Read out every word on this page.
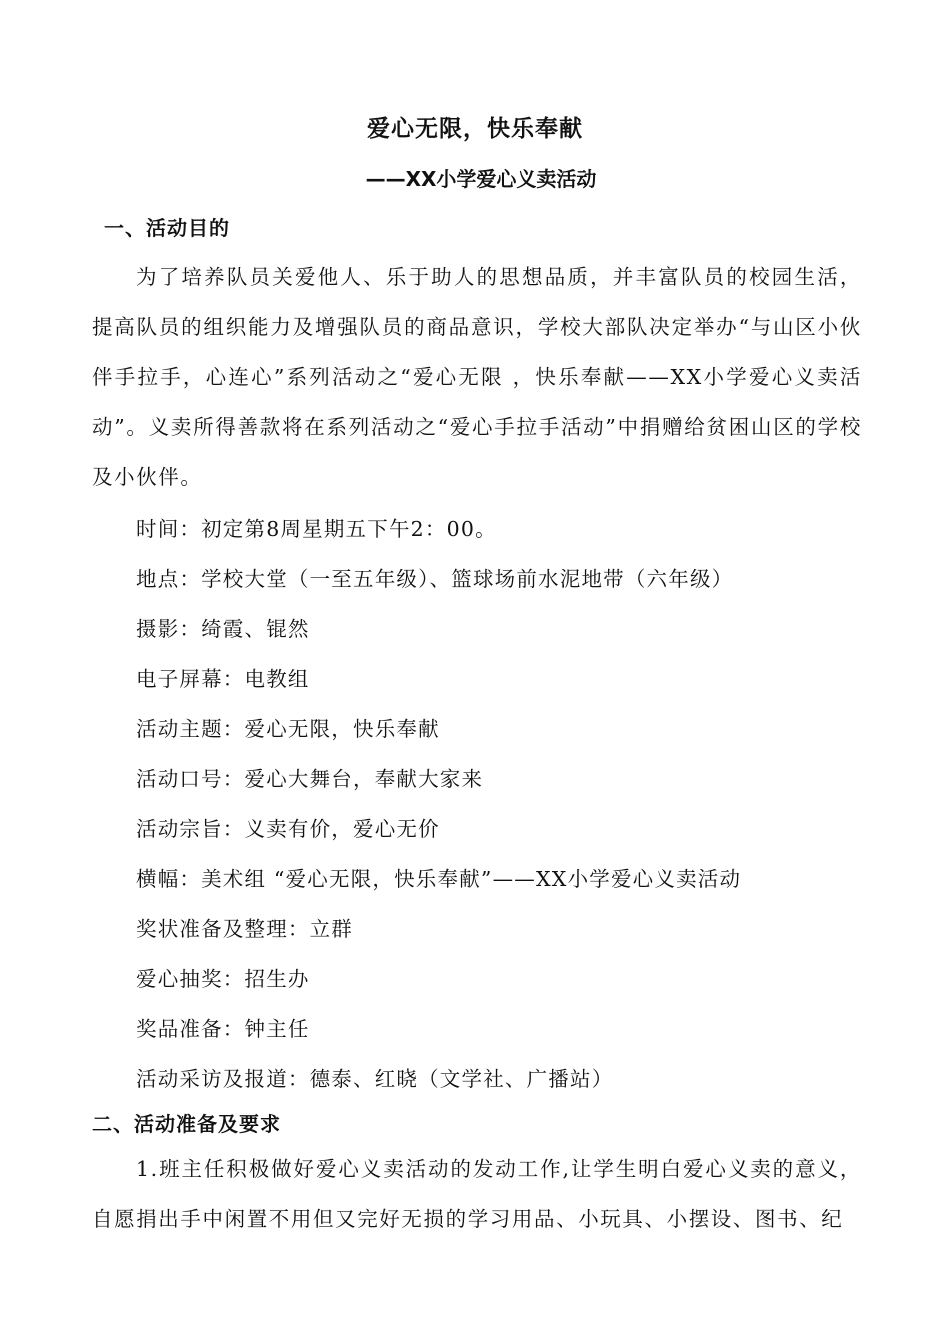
爱心无限，快乐奉献
——XX小学爱心义卖活动
一、活动目的
为了培养队员关爱他人、乐于助人的思想品质，并丰富队员的校园生活，提高队员的组织能力及增强队员的商品意识，学校大部队决定举办“与山区小伙伴手拉手，心连心”系列活动之“爱心无限 ，快乐奉献——XX小学爱心义卖活动”。义卖所得善款将在系列活动之“爱心手拉手活动”中捐赠给贫困山区的学校及小伙伴。
时间：初定第8周星期五下午2：00。
地点：学校大堂（一至五年级）、篮球场前水泥地带（六年级）
摄影：绮霞、锟然
电子屏幕：电教组
活动主题：爱心无限，快乐奉献
活动口号：爱心大舞台，奉献大家来
活动宗旨：义卖有价，爱心无价
横幅：美术组 “爱心无限，快乐奉献”——XX小学爱心义卖活动
奖状准备及整理：立群
爱心抽奖：招生办
奖品准备：钟主任
活动采访及报道：德泰、红晓（文学社、广播站）
二、活动准备及要求
1.班主任积极做好爱心义卖活动的发动工作,让学生明白爱心义卖的意义，自愿捐出手中闲置不用但又完好无损的学习用品、小玩具、小摆设、图书、纪
